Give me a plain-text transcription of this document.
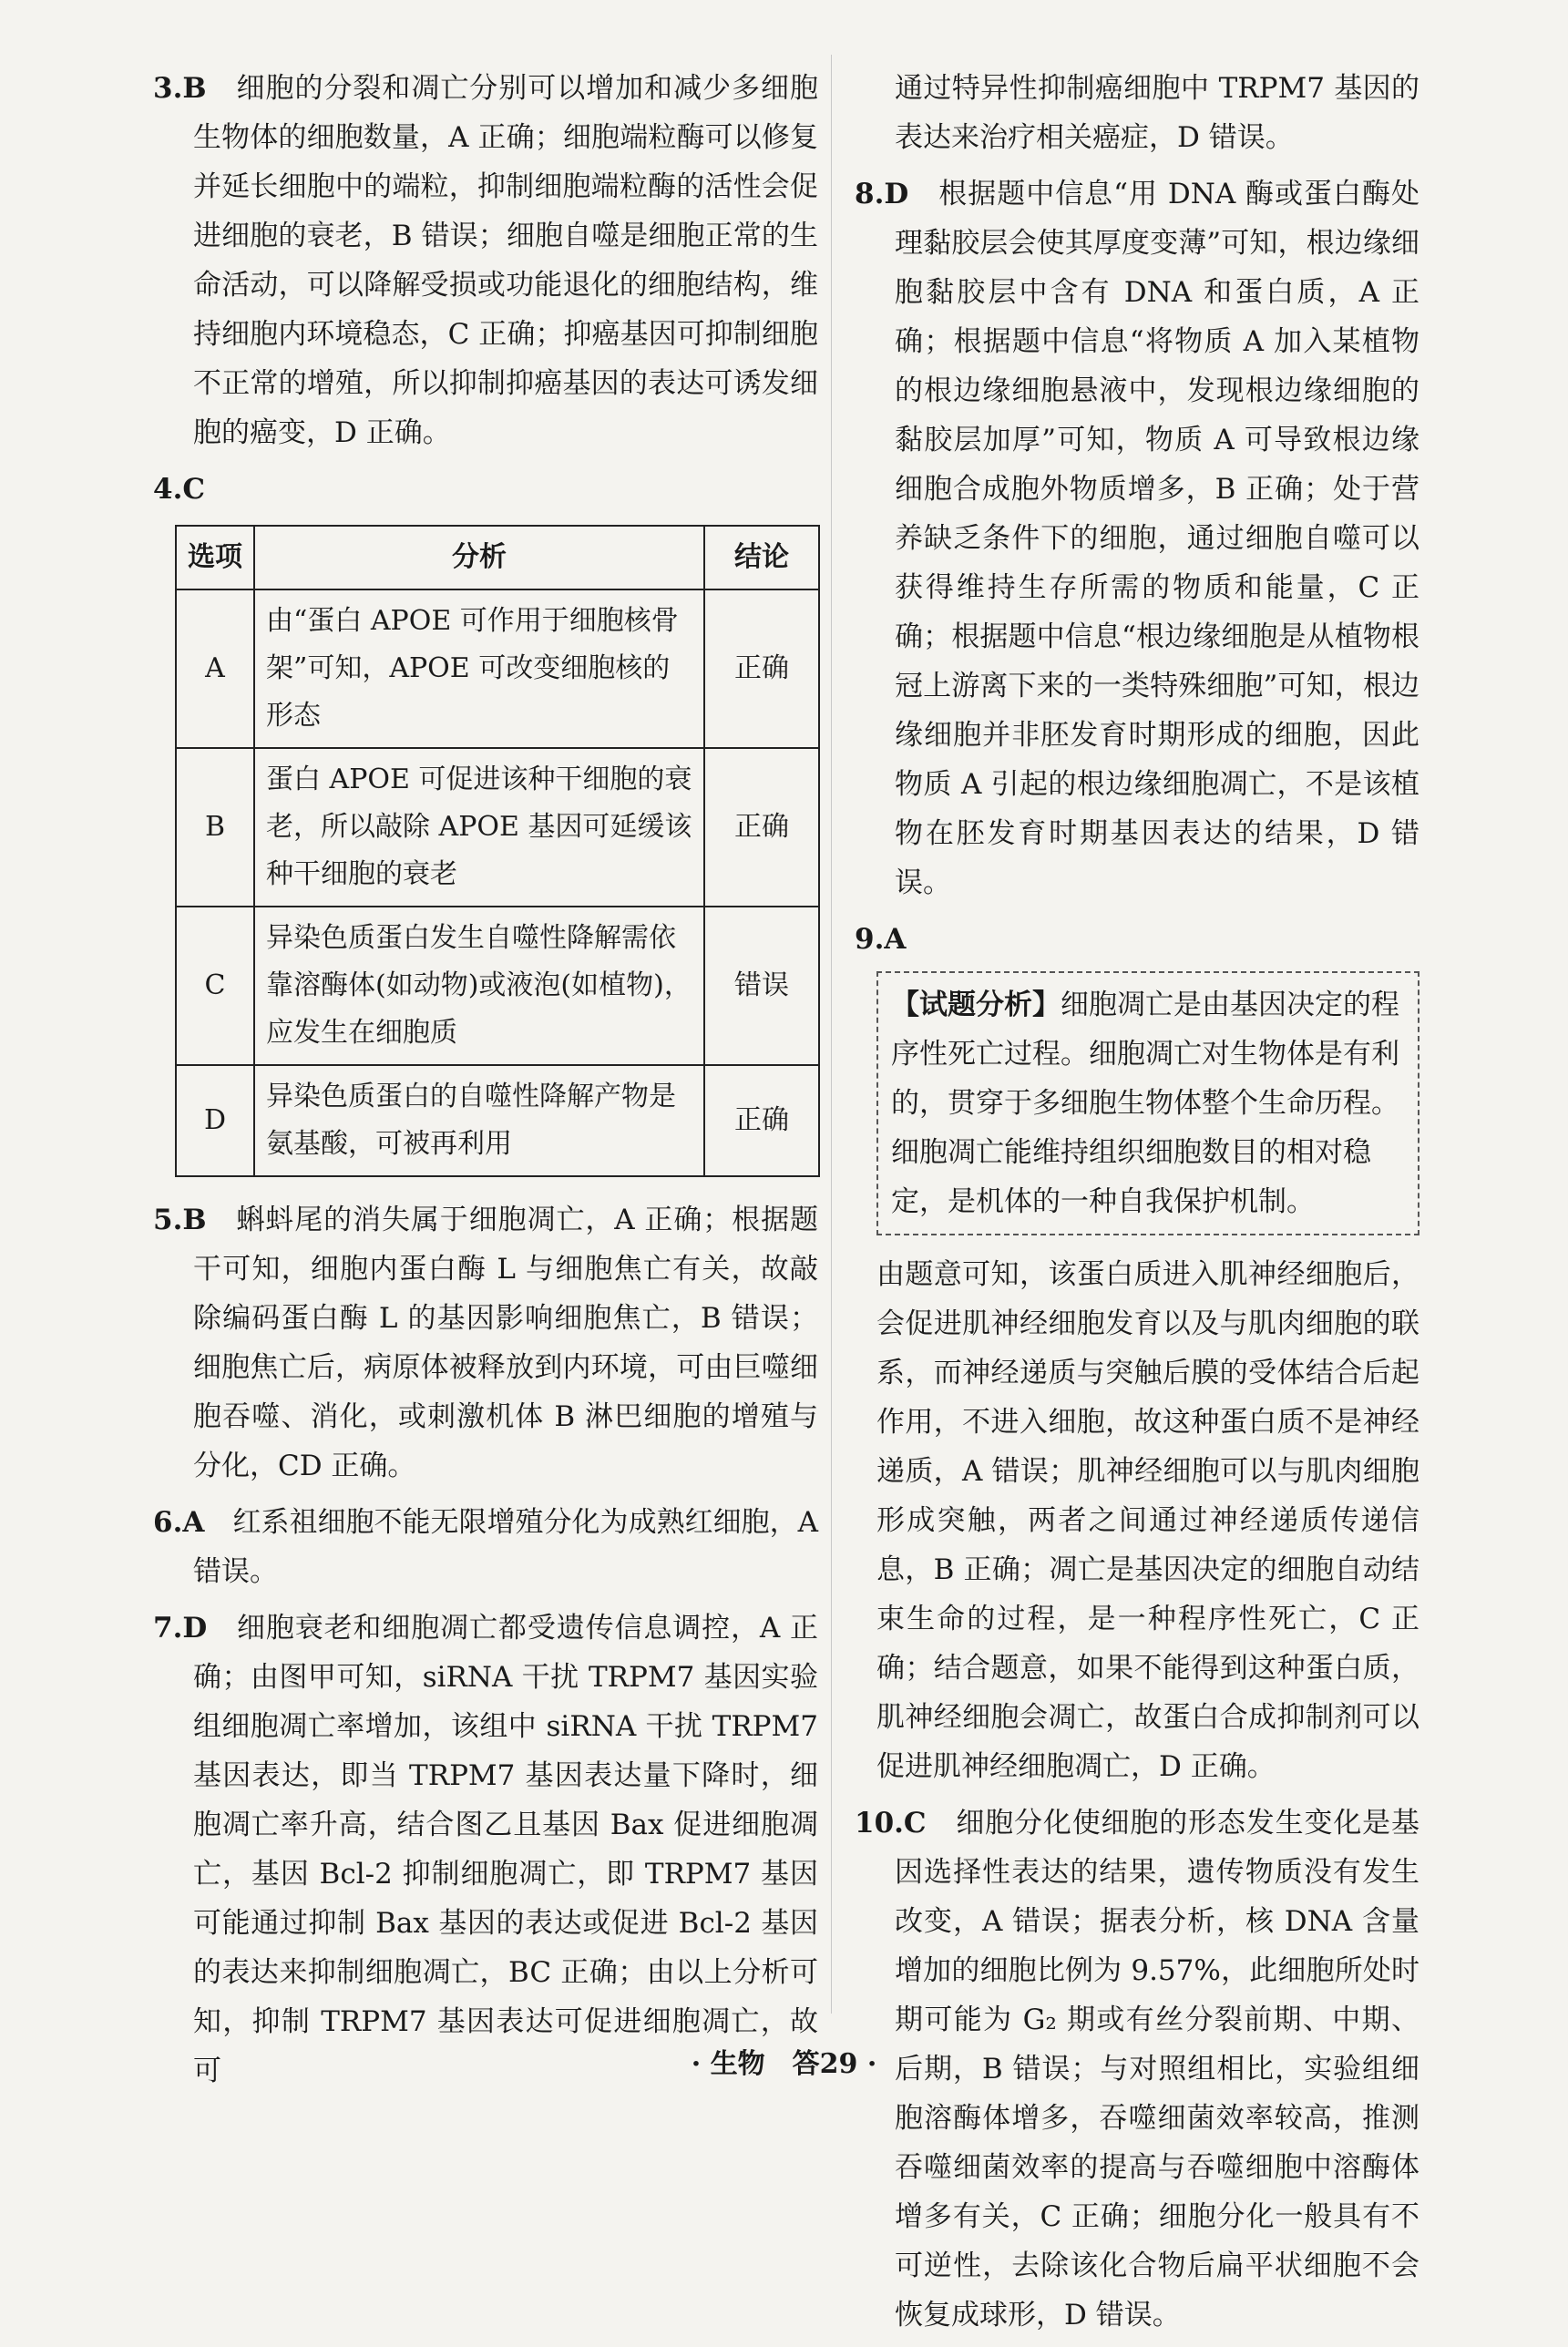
3.B　 细胞的分裂和凋亡分别可以增加和减少多细胞生物体的细胞数量，A 正确；细胞端粒酶可以修复并延长细胞中的端粒，抑制细胞端粒酶的活性会促进细胞的衰老，B 错误；细胞自噬是细胞正常的生命活动，可以降解受损或功能退化的细胞结构，维持细胞内环境稳态，C 正确；抑癌基因可抑制细胞不正常的增殖，所以抑制抑癌基因的表达可诱发细胞的癌变，D 正确。

4.C

选项	分析	结论
A	由“蛋白 APOE 可作用于细胞核骨架”可知，APOE 可改变细胞核的形态	正确
B	蛋白 APOE 可促进该种干细胞的衰老，所以敲除 APOE 基因可延缓该种干细胞的衰老	正确
C	异染色质蛋白发生自噬性降解需依靠溶酶体(如动物)或液泡(如植物)，应发生在细胞质	错误
D	异染色质蛋白的自噬性降解产物是氨基酸，可被再利用	正确

5.B　 蝌蚪尾的消失属于细胞凋亡，A 正确；根据题干可知，细胞内蛋白酶 L 与细胞焦亡有关，故敲除编码蛋白酶 L 的基因影响细胞焦亡，B 错误；细胞焦亡后，病原体被释放到内环境，可由巨噬细胞吞噬、消化，或刺激机体 B 淋巴细胞的增殖与分化，CD 正确。

6.A　 红系祖细胞不能无限增殖分化为成熟红细胞，A 错误。

7.D　 细胞衰老和细胞凋亡都受遗传信息调控，A 正确；由图甲可知，siRNA 干扰 TRPM7 基因实验组细胞凋亡率增加，该组中 siRNA 干扰 TRPM7 基因表达，即当 TRPM7 基因表达量下降时，细胞凋亡率升高，结合图乙且基因 Bax 促进细胞凋亡，基因 Bcl-2 抑制细胞凋亡，即 TRPM7 基因可能通过抑制 Bax 基因的表达或促进 Bcl-2 基因的表达来抑制细胞凋亡，BC 正确；由以上分析可知，抑制 TRPM7 基因表达可促进细胞凋亡，故可

通过特异性抑制癌细胞中 TRPM7 基因的表达来治疗相关癌症，D 错误。

8.D　 根据题中信息“用 DNA 酶或蛋白酶处理黏胶层会使其厚度变薄”可知，根边缘细胞黏胶层中含有 DNA 和蛋白质，A 正确；根据题中信息“将物质 A 加入某植物的根边缘细胞悬液中，发现根边缘细胞的黏胶层加厚”可知，物质 A 可导致根边缘细胞合成胞外物质增多，B 正确；处于营养缺乏条件下的细胞，通过细胞自噬可以获得维持生存所需的物质和能量，C 正确；根据题中信息“根边缘细胞是从植物根冠上游离下来的一类特殊细胞”可知，根边缘细胞并非胚发育时期形成的细胞，因此物质 A 引起的根边缘细胞凋亡，不是该植物在胚发育时期基因表达的结果，D 错误。

9.A

【试题分析】细胞凋亡是由基因决定的程序性死亡过程。细胞凋亡对生物体是有利的，贯穿于多细胞生物体整个生命历程。细胞凋亡能维持组织细胞数目的相对稳定，是机体的一种自我保护机制。

由题意可知，该蛋白质进入肌神经细胞后，会促进肌神经细胞发育以及与肌肉细胞的联系，而神经递质与突触后膜的受体结合后起作用，不进入细胞，故这种蛋白质不是神经递质，A 错误；肌神经细胞可以与肌肉细胞形成突触，两者之间通过神经递质传递信息，B 正确；凋亡是基因决定的细胞自动结束生命的过程，是一种程序性死亡，C 正确；结合题意，如果不能得到这种蛋白质，肌神经细胞会凋亡，故蛋白合成抑制剂可以促进肌神经细胞凋亡，D 正确。

10.C　 细胞分化使细胞的形态发生变化是基因选择性表达的结果，遗传物质没有发生改变，A 错误；据表分析，核 DNA 含量增加的细胞比例为 9.57%，此细胞所处时期可能为 G₂ 期或有丝分裂前期、中期、后期，B 错误；与对照组相比，实验组细胞溶酶体增多，吞噬细菌效率较高，推测吞噬细菌效率的提高与吞噬细胞中溶酶体增多有关，C 正确；细胞分化一般具有不可逆性，去除该化合物后扁平状细胞不会恢复成球形，D 错误。

· 生物　答29 ·
